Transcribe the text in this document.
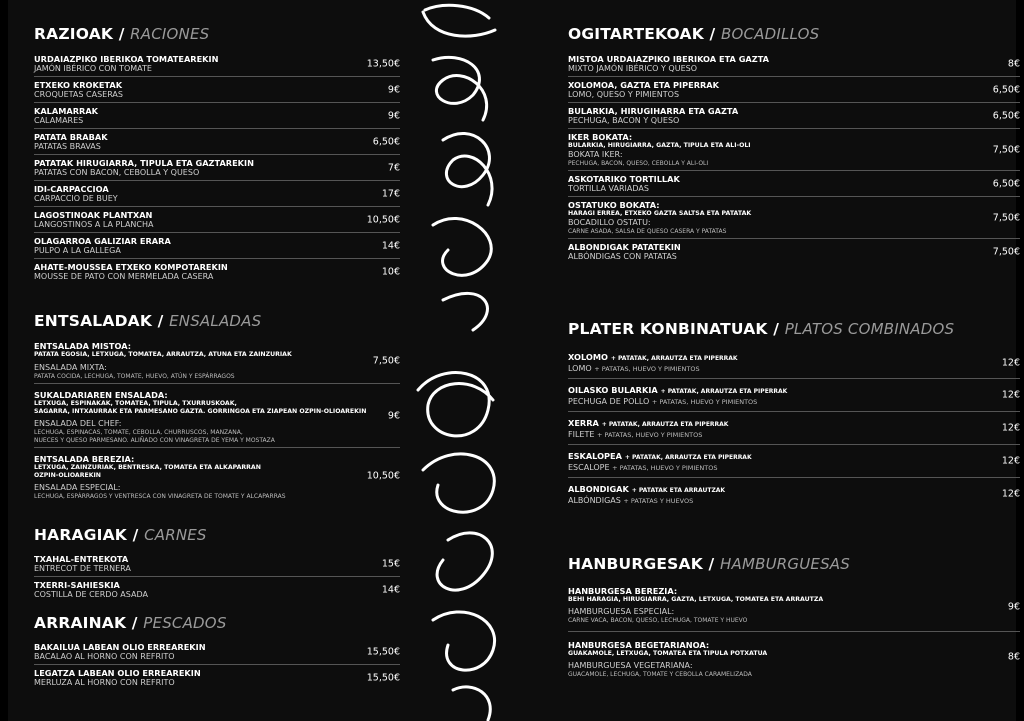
RAZIOAK / RACIONES
URDAIAZPIKO IBERIKOA TOMATEAREKIN
JAMÓN IBÉRICO CON TOMATE	13,50€
ETXEKO KROKETAK
CROQUETAS CASERAS	9€
KALAMARRAK
CALAMARES	9€
PATATA BRABAK
PATATAS BRAVAS	6,50€
PATATAK HIRUGIARRA, TIPULA ETA GAZTAREKIN
PATATAS CON BACON, CEBOLLA Y QUESO	7€
IDI-CARPACCIOA
CARPACCIO DE BUEY	17€
LAGOSTINOAK PLANTXAN
LANGOSTINOS A LA PLANCHA	10,50€
OLAGARROA GALIZIAR ERARA
PULPO A LA GALLEGA	14€
AHATE-MOUSSEA ETXEKO KOMPOTAREKIN
MOUSSE DE PATO CON MERMELADA CASERA	10€
ENTSALADAK / ENSALADAS
ENTSALADA MISTOA:
PATATA EGOSIA, LETXUGA, TOMATEA, ARRAUTZA, ATUNA ETA ZAINZURIAK
ENSALADA MIXTA:
PATATA COCIDA, LECHUGA, TOMATE, HUEVO, ATÚN Y ESPÁRRAGOS
7,50€
SUKALDARIAREN ENSALADA:
LETXUGA, ESPINAKAK, TOMATEA, TIPULA, TXURRUSKOAK,
SAGARRA, INTXAURRAK ETA PARMESANO GAZTA. GORRINGOA ETA ZIAPEAN OZPIN-OLIOAREKIN
ENSALADA DEL CHEF:
LECHUGA, ESPINACAS, TOMATE, CEBOLLA, CHURRUSCOS, MANZANA,
NUECES Y QUESO PARMESANO. ALIÑADO CON VINAGRETA DE YEMA Y MOSTAZA
9€
ENTSALADA BEREZIA:
LETXUGA, ZAINZURIAK, BENTRESKA, TOMATEA ETA ALKAPARRAN
OZPIN-OLIOAREKIN
ENSALADA ESPECIAL:
LECHUGA, ESPÁRRAGOS Y VENTRESCA CON VINAGRETA DE TOMATE Y ALCAPARRAS
10,50€
HARAGIAK / CARNES
TXAHAL-ENTREKOTA
ENTRECOT DE TERNERA	15€
TXERRI-SAHIESKIA
COSTILLA DE CERDO ASADA	14€
ARRAINAK / PESCADOS
BAKAILUA LABEAN OLIO ERREAREKIN
BACALAO AL HORNO CON REFRITO	15,50€
LEGATZA LABEAN OLIO ERREAREKIN
MERLUZA AL HORNO CON REFRITO	15,50€
OGITARTEKOAK / BOCADILLOS
MISTOA URDAIAZPIKO IBERIKOA ETA GAZTA
MIXTO JAMÓN IBÉRICO Y QUESO	8€
XOLOMOA, GAZTA ETA PIPERRAK
LOMO, QUESO Y PIMIENTOS	6,50€
BULARKIA, HIRUGIHARRA ETA GAZTA
PECHUGA, BACON Y QUESO	6,50€
IKER BOKATA:
BULARKIA, HIRUGIARRA, GAZTA, TIPULA ETA ALI-OLI
BOKATA IKER:
PECHUGA, BACON, QUESO, CEBOLLA Y ALI-OLI
7,50€
ASKOTARIKO TORTILLAK
TORTILLA VARIADAS	6,50€
OSTATUKO BOKATA:
HARAGI ERREA, ETXEKO GAZTA SALTSA ETA PATATAK
BOCADILLO OSTATU:
CARNE ASADA, SALSA DE QUESO CASERA Y PATATAS
7,50€
ALBONDIGAK PATATEKIN
ALBÓNDIGAS CON PATATAS	7,50€
PLATER KONBINATUAK / PLATOS COMBINADOS
XOLOMO + PATATAK, ARRAUTZA ETA PIPERRAK
LOMO + PATATAS, HUEVO Y PIMIENTOS
12€
OILASKO BULARKIA + PATATAK, ARRAUTZA ETA PIPERRAK
PECHUGA DE POLLO + PATATAS, HUEVO Y PIMIENTOS
12€
XERRA + PATATAK, ARRAUTZA ETA PIPERRAK
FILETE + PATATAS, HUEVO Y PIMIENTOS
12€
ESKALOPEA + PATATAK, ARRAUTZA ETA PIPERRAK
ESCALOPE + PATATAS, HUEVO Y PIMIENTOS
12€
ALBONDIGAK + PATATAK ETA ARRAUTZAK
ALBÓNDIGAS + PATATAS Y HUEVOS
12€
HANBURGESAK / HAMBURGUESAS
HANBURGESA BEREZIA:
BEHI HARAGIA, HIRUGIARRA, GAZTA, LETXUGA, TOMATEA ETA ARRAUTZA
HAMBURGUESA ESPECIAL:
CARNE VACA, BACON, QUESO, LECHUGA, TOMATE Y HUEVO
9€
HANBURGESA BEGETARIANOA:
GUAKAMOLE, LETXUGA, TOMATEA ETA TIPULA POTXATUA
HAMBURGUESA VEGETARIANA:
GUACAMOLE, LECHUGA, TOMATE Y CEBOLLA CARAMELIZADA
8€
